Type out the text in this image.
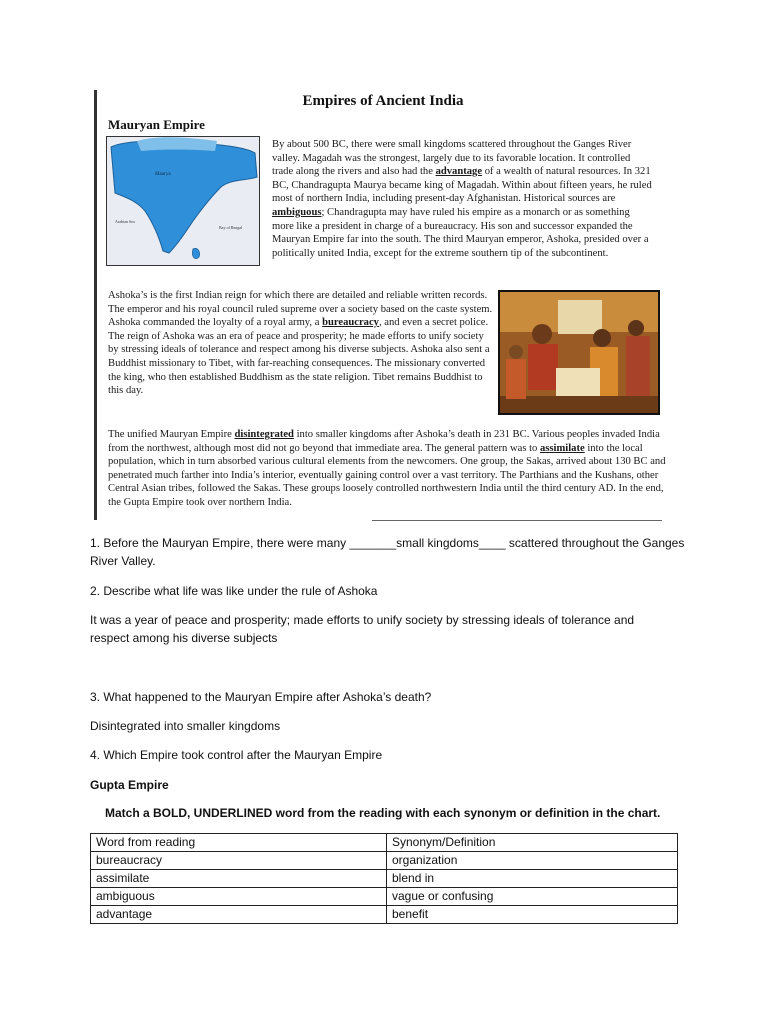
Empires of Ancient India
Mauryan Empire
Maurya
Arabian Sea
Bay of Bengal

By about 500 BC, there were small kingdoms scattered throughout the Ganges River valley. Magadah was the strongest, largely due to its favorable location. It controlled trade along the rivers and also had the advantage of a wealth of natural resources. In 321 BC, Chandragupta Maurya became king of Magadah. Within about fifteen years, he ruled most of northern India, including present-day Afghanistan. Historical sources are ambiguous; Chandragupta may have ruled his empire as a monarch or as something more like a president in charge of a bureaucracy. His son and successor expanded the Mauryan Empire far into the south. The third Mauryan emperor, Ashoka, presided over a politically united India, except for the extreme southern tip of the subcontinent.

Ashoka’s is the first Indian reign for which there are detailed and reliable written records. The emperor and his royal council ruled supreme over a society based on the caste system. Ashoka commanded the loyalty of a royal army, a bureaucracy, and even a secret police. The reign of Ashoka was an era of peace and prosperity; he made efforts to unify society by stressing ideals of tolerance and respect among his diverse subjects. Ashoka also sent a Buddhist missionary to Tibet, with far-reaching consequences. The missionary converted the king, who then established Buddhism as the state religion. Tibet remains Buddhist to this day.

The unified Mauryan Empire disintegrated into smaller kingdoms after Ashoka’s death in 231 BC. Various peoples invaded India from the northwest, although most did not go beyond that immediate area. The general pattern was to assimilate into the local population, which in turn absorbed various cultural elements from the newcomers. One group, the Sakas, arrived about 130 BC and penetrated much farther into India’s interior, eventually gaining control over a vast territory. The Parthians and the Kushans, other Central Asian tribes, followed the Sakas. These groups loosely controlled northwestern India until the third century AD. In the end, the Gupta Empire took over northern India.

1. Before the Mauryan Empire, there were many _______small kingdoms____ scattered throughout the Ganges River Valley.

2. Describe what life was like under the rule of Ashoka

It was a year of peace and prosperity; made efforts to unify society by stressing ideals of tolerance and respect among his diverse subjects

3. What happened to the Mauryan Empire after Ashoka’s death?

Disintegrated into smaller kingdoms

4. Which Empire took control after the Mauryan Empire

Gupta Empire

Match a BOLD, UNDERLINED word from the reading with each synonym or definition in the chart.

Word from reading	Synonym/Definition
bureaucracy	organization
assimilate	blend in
ambiguous	vague or confusing
advantage	benefit
